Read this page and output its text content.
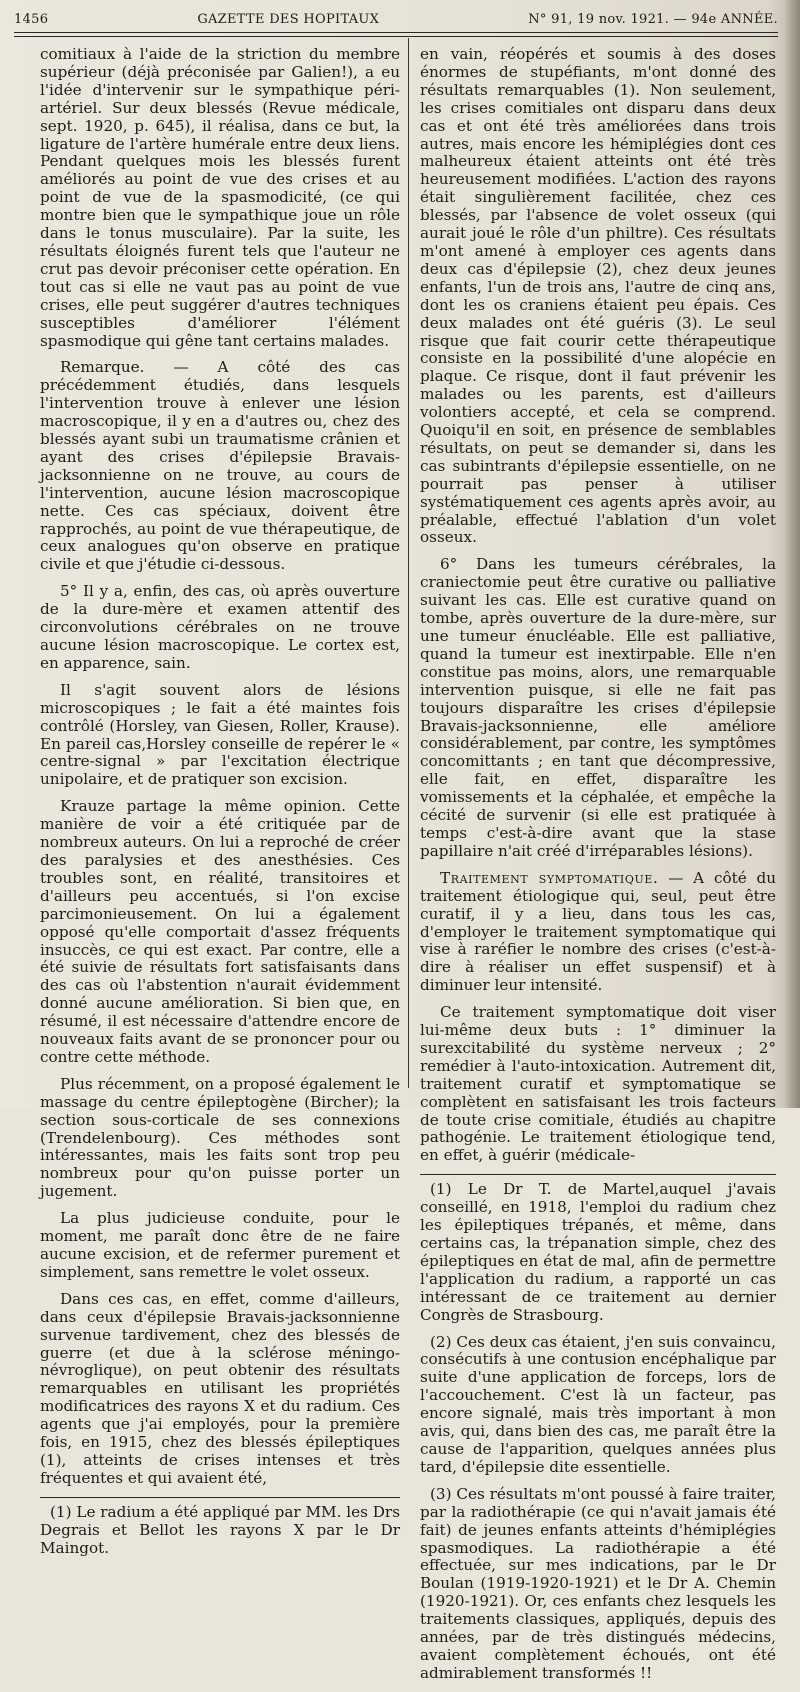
1456	GAZETTE DES HOPITAUX	N° 91, 19 nov. 1921. — 94e ANNÉE.

comitiaux à l'aide de la striction du membre supérieur (déjà préconisée par Galien!), a eu l'idée d'intervenir sur le sympathique péri-artériel. Sur deux blessés (Revue médicale, sept. 1920, p. 645), il réalisa, dans ce but, la ligature de l'artère humérale entre deux liens. Pendant quelques mois les blessés furent améliorés au point de vue des crises et au point de vue de la spasmodicité, (ce qui montre bien que le sympathique joue un rôle dans le tonus musculaire). Par la suite, les résultats éloignés furent tels que l'auteur ne crut pas devoir préconiser cette opération. En tout cas si elle ne vaut pas au point de vue crises, elle peut suggérer d'autres techniques susceptibles d'améliorer l'élément spasmodique qui gêne tant certains malades.

Remarque. — A côté des cas précédemment étudiés, dans lesquels l'intervention trouve à enlever une lésion macroscopique, il y en a d'autres ou, chez des blessés ayant subi un traumatisme crânien et ayant des crises d'épilepsie Bravais-jacksonnienne on ne trouve, au cours de l'intervention, aucune lésion macroscopique nette. Ces cas spéciaux, doivent être rapprochés, au point de vue thérapeutique, de ceux analogues qu'on observe en pratique civile et que j'étudie ci-dessous.

5° Il y a, enfin, des cas, où après ouverture de la dure-mère et examen attentif des circonvolutions cérébrales on ne trouve aucune lésion macroscopique. Le cortex est, en apparence, sain.

Il s'agit souvent alors de lésions microscopiques ; le fait a été maintes fois contrôlé (Horsley, van Giesen, Roller, Krause). En pareil cas,Horsley conseille de repérer le « centre-signal » par l'excitation électrique unipolaire, et de pratiquer son excision.

Krauze partage la même opinion. Cette manière de voir a été critiquée par de nombreux auteurs. On lui a reproché de créer des paralysies et des anesthésies. Ces troubles sont, en réalité, transitoires et d'ailleurs peu accentués, si l'on excise parcimonieusement. On lui a également opposé qu'elle comportait d'assez fréquents insuccès, ce qui est exact. Par contre, elle a été suivie de résultats fort satisfaisants dans des cas où l'abstention n'aurait évidemment donné aucune amélioration. Si bien que, en résumé, il est nécessaire d'attendre encore de nouveaux faits avant de se prononcer pour ou contre cette méthode.

Plus récemment, on a proposé également le massage du centre épileptogène (Bircher); la section sous-corticale de ses connexions (Trendelenbourg). Ces méthodes sont intéressantes, mais les faits sont trop peu nombreux pour qu'on puisse porter un jugement.

La plus judicieuse conduite, pour le moment, me paraît donc être de ne faire aucune excision, et de refermer purement et simplement, sans remettre le volet osseux.

Dans ces cas, en effet, comme d'ailleurs, dans ceux d'épilepsie Bravais-jacksonnienne survenue tardivement, chez des blessés de guerre (et due à la sclérose méningo-névroglique), on peut obtenir des résultats remarquables en utilisant les propriétés modificatrices des rayons X et du radium. Ces agents que j'ai employés, pour la première fois, en 1915, chez des blessés épileptiques (1), atteints de crises intenses et très fréquentes et qui avaient été,

(1) Le radium a été appliqué par MM. les Drs Degrais et Bellot les rayons X par le Dr Maingot.

en vain, réopérés et soumis à des doses énormes de stupéfiants, m'ont donné des résultats remarquables (1). Non seulement, les crises comitiales ont disparu dans deux cas et ont été très améliorées dans trois autres, mais encore les hémiplégies dont ces malheureux étaient atteints ont été très heureusement modifiées. L'action des rayons était singulièrement facilitée, chez ces blessés, par l'absence de volet osseux (qui aurait joué le rôle d'un philtre). Ces résultats m'ont amené à employer ces agents dans deux cas d'épilepsie (2), chez deux jeunes enfants, l'un de trois ans, l'autre de cinq ans, dont les os craniens étaient peu épais. Ces deux malades ont été guéris (3). Le seul risque que fait courir cette thérapeutique consiste en la possibilité d'une alopécie en plaque. Ce risque, dont il faut prévenir les malades ou les parents, est d'ailleurs volontiers accepté, et cela se comprend. Quoiqu'il en soit, en présence de semblables résultats, on peut se demander si, dans les cas subintrants d'épilepsie essentielle, on ne pourrait pas penser à utiliser systématiquement ces agents après avoir, au préalable, effectué l'ablation d'un volet osseux.

6° Dans les tumeurs cérébrales, la craniectomie peut être curative ou palliative suivant les cas. Elle est curative quand on tombe, après ouverture de la dure-mère, sur une tumeur énucléable. Elle est palliative, quand la tumeur est inextirpable. Elle n'en constitue pas moins, alors, une remarquable intervention puisque, si elle ne fait pas toujours disparaître les crises d'épilepsie Bravais-jacksonnienne, elle améliore considérablement, par contre, les symptômes concomittants ; en tant que décompressive, elle fait, en effet, disparaître les vomissements et la céphalée, et empêche la cécité de survenir (si elle est pratiquée à temps c'est-à-dire avant que la stase papillaire n'ait créé d'irréparables lésions).

Traitement symptomatique. — A côté du traitement étiologique qui, seul, peut être curatif, il y a lieu, dans tous les cas, d'employer le traitement symptomatique qui vise à raréfier le nombre des crises (c'est-à-dire à réaliser un effet suspensif) et à diminuer leur intensité.

Ce traitement symptomatique doit viser lui-même deux buts : 1° diminuer la surexcitabilité du système nerveux ; 2° remédier à l'auto-intoxication. Autrement dit, traitement curatif et symptomatique se complètent en satisfaisant les trois facteurs de toute crise comitiale, étudiés au chapitre pathogénie. Le traitement étiologique tend, en effet, à guérir (médicale-

(1) Le Dr T. de Martel,auquel j'avais conseillé, en 1918, l'emploi du radium chez les épileptiques trépanés, et même, dans certains cas, la trépanation simple, chez des épileptiques en état de mal, afin de permettre l'application du radium, a rapporté un cas intéressant de ce traitement au dernier Congrès de Strasbourg.

(2) Ces deux cas étaient, j'en suis convaincu, consécutifs à une contusion encéphalique par suite d'une application de forceps, lors de l'accouchement. C'est là un facteur, pas encore signalé, mais très important à mon avis, qui, dans bien des cas, me paraît être la cause de l'apparition, quelques années plus tard, d'épilepsie dite essentielle.

(3) Ces résultats m'ont poussé à faire traiter, par la radiothérapie (ce qui n'avait jamais été fait) de jeunes enfants atteints d'hémiplégies spasmodiques. La radiothérapie a été effectuée, sur mes indications, par le Dr Boulan (1919-1920-1921) et le Dr A. Chemin (1920-1921). Or, ces enfants chez lesquels les traitements classiques, appliqués, depuis des années, par de très distingués médecins, avaient complètement échoués, ont été admirablement transformés !!
